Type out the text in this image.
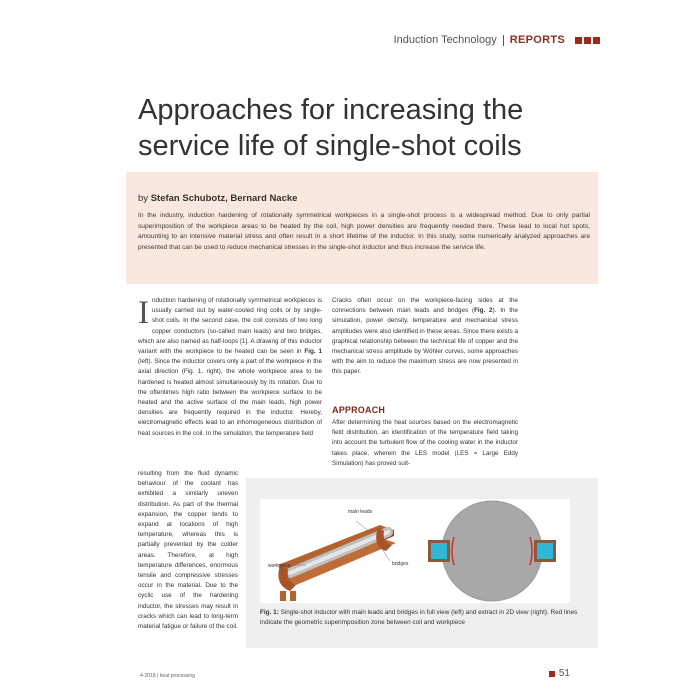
Induction Technology REPORTS
Approaches for increasing the service life of single-shot coils
by Stefan Schubotz, Bernard Nacke

In the industry, induction hardening of rotationally symmetrical workpieces in a single-shot process is a widespread method. Due to only partial superimposition of the workpiece areas to be heated by the coil, high power densities are frequently needed there. These lead to local hot spots, amounting to an intensive material stress and often result in a short lifetime of the inductor. In this study, some numerically analyzed approaches are presented that can be used to reduce mechanical stresses in the single-shot inductor and thus increase the service life.

Induction hardening of rotationally symmetrical workpieces is usually carried out by water-cooled ring coils or by single-shot coils. In the second case, the coil consists of two long copper conductors (so-called main leads) and two bridges, which are also named as half-loops [1]. A drawing of this inductor variant with the workpiece to be heated can be seen in Fig. 1 (left). Since the inductor covers only a part of the workpiece in the axial direction (Fig. 1, right), the whole workpiece area to be hardened is heated almost simultaneously by its rotation. Due to the oftentimes high ratio between the workpiece surface to be heated and the active surface of the main leads, high power densities are frequently required in the inductor. Hereby, electromagnetic effects lead to an inhomogeneous distribution of heat sources in the coil. In the simulation, the temperature field

resulting from the fluid dynamic behaviour of the coolant has exhibited a similarly uneven distribution. As part of the thermal expansion, the copper tends to expand at locations of high temperature, whereas this is partially prevented by the colder areas. Therefore, at high temperature differences, enormous tensile and compressive stresses occur in the material. Due to the cyclic use of the hardening inductor, the stresses may result in cracks which can lead to long-term material fatigue or failure of the coil.

Cracks often occur on the workpiece-facing sides at the connections between main leads and bridges (Fig. 2). In the simulation, power density, temperature and mechanical stress amplitudes were also identified in these areas. Since there exists a graphical relationship between the technical life of copper and the mechanical stress amplitude by Wöhler curves, some approaches with the aim to reduce the maximum stress are now presented in this paper.

APPROACH

After determining the heat sources based on the electromagnetic field distribution, an identification of the temperature field taking into account the turbulent flow of the cooling water in the inductor takes place, wherein the LES model (LES = Large Eddy Simulation) has proved suit-

main leads
bridges
workpiece

Fig. 1: Single-shot inductor with main leads and bridges in full view (left) and extract in 2D view (right). Red lines indicate the geometric superimposition zone between coil and workpiece

4-2018 | heat processing	51
